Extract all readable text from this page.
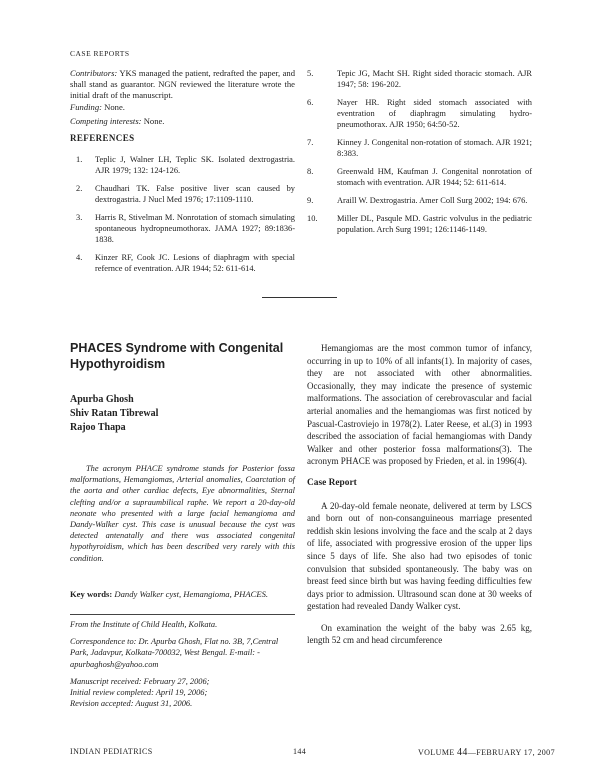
CASE REPORTS
Contributors: YKS managed the patient, redrafted the paper, and shall stand as guarantor. NGN reviewed the literature wrote the initial draft of the manuscript.
Funding: None.
Competing interests: None.
REFERENCES
1. Teplic J, Walner LH, Teplic SK. Isolated dextrogastria. AJR 1979; 132: 124-126.
2. Chaudhari TK. False positive liver scan caused by dextrogastria. J Nucl Med 1976; 17:1109-1110.
3. Harris R, Stivelman M. Nonrotation of stomach simulating spontaneous hydropneumothorax. JAMA 1927; 89:1836-1838.
4. Kinzer RF, Cook JC. Lesions of diaphragm with special refernce of eventration. AJR 1944; 52: 611-614.
5.	Tepic JG, Macht SH. Right sided thoracic stomach. AJR 1947; 58: 196-202.
6.	Nayer HR. Right sided stomach associated with eventration of diaphragm simulating hydro-pneumothorax. AJR 1950; 64:50-52.
7.	Kinney J. Congenital non-rotation of stomach. AJR 1921; 8:383.
8.	Greenwald HM, Kaufman J. Congenital nonrotation of stomach with eventration. AJR 1944; 52: 611-614.
9.	Araill W. Dextrogastria. Amer Coll Surg 2002; 194: 676.
10. Miller DL, Pasqule MD. Gastric volvulus in the pediatric population. Arch Surg 1991; 126:1146-1149.
PHACES Syndrome with Congenital Hypothyroidism
Apurba Ghosh
Shiv Ratan Tibrewal
Rajoo Thapa
The acronym PHACE syndrome stands for Posterior fossa malformations, Hemangiomas, Arterial anomalies, Coarctation of the aorta and other cardiac defects, Eye abnormalities, Sternal clefting and/or a supraumbilical raphe. We report a 20-day-old neonate who presented with a large facial hemangioma and Dandy-Walker cyst. This case is unusual because the cyst was detected antenatally and there was associated congenital hypothyroidism, which has been described very rarely with this condition.
Key words: Dandy Walker cyst, Hemangioma, PHACES.

From the Institute of Child Health, Kolkata.

Correspondence to: Dr. Apurba Ghosh, Flat no. 3B, 7,Central Park, Jadavpur, Kolkata-700032, West Bengal. E-mail: - apurbaghosh@yahoo.com

Manuscript received: February 27, 2006;
Initial review completed: April 19, 2006;
Revision accepted: August 31, 2006.

Hemangiomas are the most common tumor of infancy, occurring in up to 10% of all infants(1). In majority of cases, they are not associated with other abnormalities. Occasionally, they may indicate the presence of systemic malformations. The association of cerebrovascular and facial arterial anomalies and the hemangiomas was first noticed by Pascual-Castroviejo in 1978(2). Later Reese, et al.(3) in 1993 described the association of facial hemangiomas with Dandy Walker and other posterior fossa malformations(3). The acronym PHACE was proposed by Frieden, et al. in 1996(4).

Case Report

A 20-day-old female neonate, delivered at term by LSCS and born out of non-consanguineous marriage presented reddish skin lesions involving the face and the scalp at 2 days of life, associated with progressive erosion of the upper lips since 5 days of life. She also had two episodes of tonic convulsion that subsided spontaneously. The baby was on breast feed since birth but was having feeding difficulties few days prior to admission. Ultrasound scan done at 30 weeks of gestation had revealed Dandy Walker cyst.

On examination the weight of the baby was 2.65 kg, length 52 cm and head circumference

INDIAN PEDIATRICS	144	VOLUME 44—FEBRUARY 17, 2007
